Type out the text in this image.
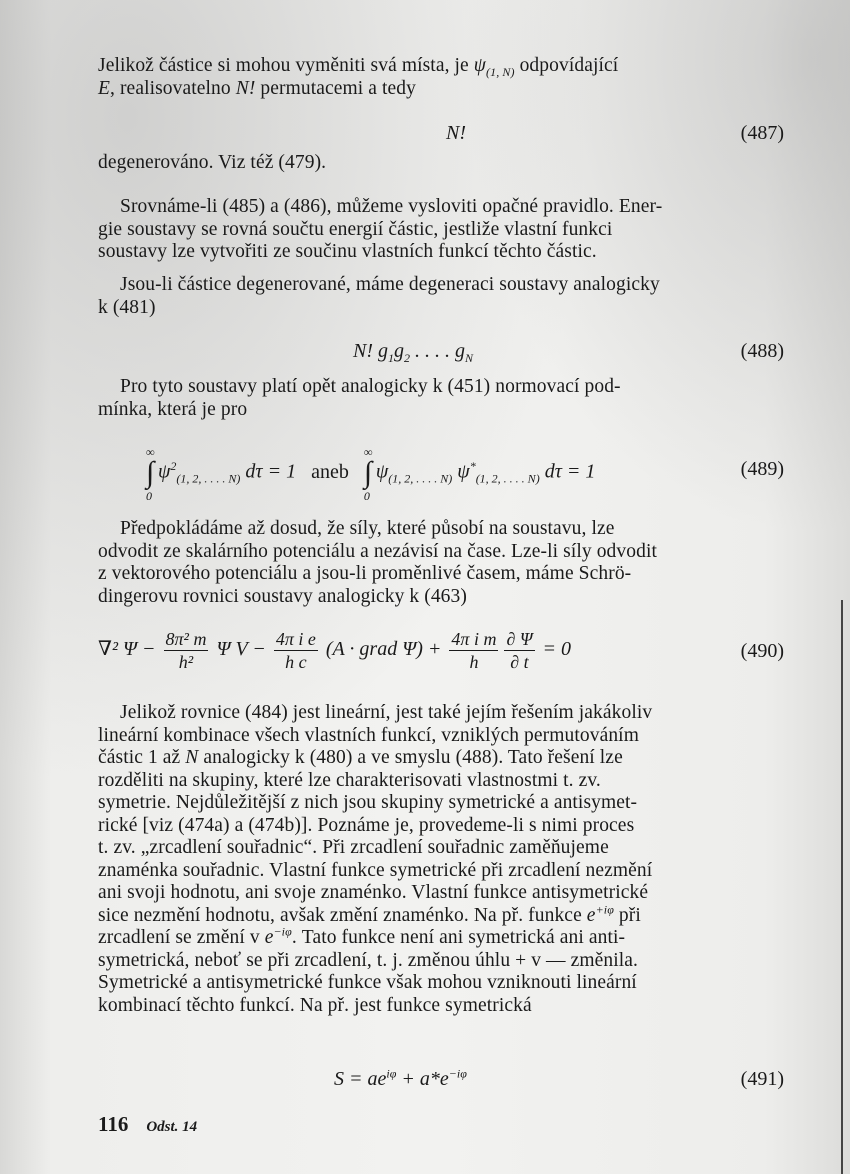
Jelikož částice si mohou vyměniti svá místa, je $\psi_{(1, N)}$ odpovídající
E, realisovatelno N! permutacemi a tedy
N!	(487)
degenerováno. Viz též (479).
Srovnáme-li (485) a (486), můžeme vysloviti opačné pravidlo. Ener-
gie soustavy se rovná součtu energií částic, jestliže vlastní funkci
soustavy lze vytvořiti ze součinu vlastních funkcí těchto částic.
Jsou-li částice degenerované, máme degeneraci soustavy analogicky
k (481)
N! $g_1g_2$ . . . . $g_N$	(488)
Pro tyto soustavy platí opět analogicky k (451) normovací pod-
mínka, která je pro
∫
∞
0
$\psi^2_{(1, 2, . . . . N)}$ dτ = 1 aneb ∫
∞
0
$\psi_{(1, 2, . . . . N)}$ $\psi^*_{(1, 2, . . . . N)}$ dτ = 1	(489)
Předpokládáme až dosud, že síly, které působí na soustavu, lze
odvodit ze skalárního potenciálu a nezávisí na čase. Lze-li síly odvodit
z vektorového potenciálu a jsou-li proměnlivé časem, máme Schrö-
dingerovu rovnici soustavy analogicky k (463)
∇² $\Psi - \frac{\text{8π² m}}{\text{h²}}$ Ψ $V - \frac{\text{4π i e}}{\text{h c}} (A$ · grad $\Psi) + \frac{\text{4π i m}}{h} \frac{\partial \Psi}{\partial t} = 0$	(490)
Jelikož rovnice (484) jest lineární, jest také jejím řešením jakákoliv
lineární kombinace všech vlastních funkcí, vzniklých permutováním
částic 1 až N analogicky k (480) a ve smyslu (488). Tato řešení lze
rozděliti na skupiny, které lze charakterisovati vlastnostmi t. zv.
symetrie. Nejdůležitější z nich jsou skupiny symetrické a antisymet-
rické [viz (474a) a (474b)]. Poznáme je, provedeme-li s nimi proces
t. zv. „zrcadlení souřadnic“. Při zrcadlení souřadnic zaměňujeme
znaménka souřadnic. Vlastní funkce symetrické při zrcadlení nezmění
ani svoji hodnotu, ani svoje znaménko. Vlastní funkce antisymetrické
sice nezmění hodnotu, avšak změní znaménko. Na př. funkce $e^{+i\varphi}$ při
zrcadlení se změní v $e^{-i\varphi}$. Tato funkce není ani symetrická ani anti-
symetrická, neboť se při zrcadlení, t. j. změnou úhlu + v — změnila.
Symetrické a antisymetrické funkce však mohou vzniknouti lineární
kombinací těchto funkcí. Na př. jest funkce symetrická
$S = ae^{i\varphi} + a*e^{-i\varphi}$	(491)
116 Odst. 14
